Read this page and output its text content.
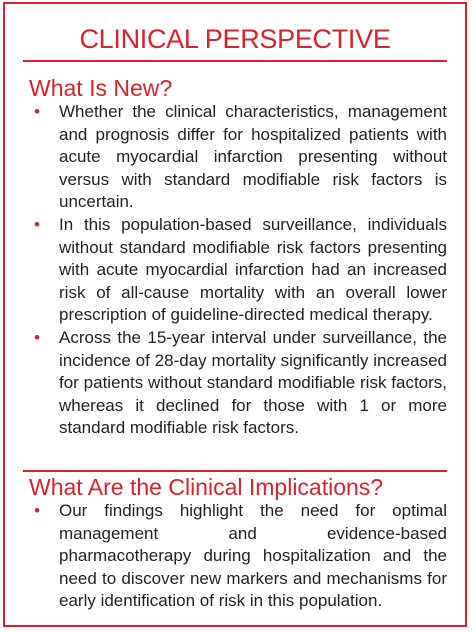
CLINICAL PERSPECTIVE
What Is New?
• Whether the clinical characteristics, management and prognosis differ for hospitalized patients with acute myocardial infarction presenting without versus with standard modifiable risk factors is uncertain.
• In this population-based surveillance, individuals without standard modifiable risk factors presenting with acute myocardial infarction had an increased risk of all-cause mortality with an overall lower prescription of guideline-directed medical therapy.
• Across the 15-year interval under surveillance, the incidence of 28-day mortality significantly increased for patients without standard modifiable risk factors, whereas it declined for those with 1 or more standard modifiable risk factors.
What Are the Clinical Implications?
• Our findings highlight the need for optimal management and evidence-based pharmacotherapy during hospitalization and the need to discover new markers and mechanisms for early identification of risk in this population.
